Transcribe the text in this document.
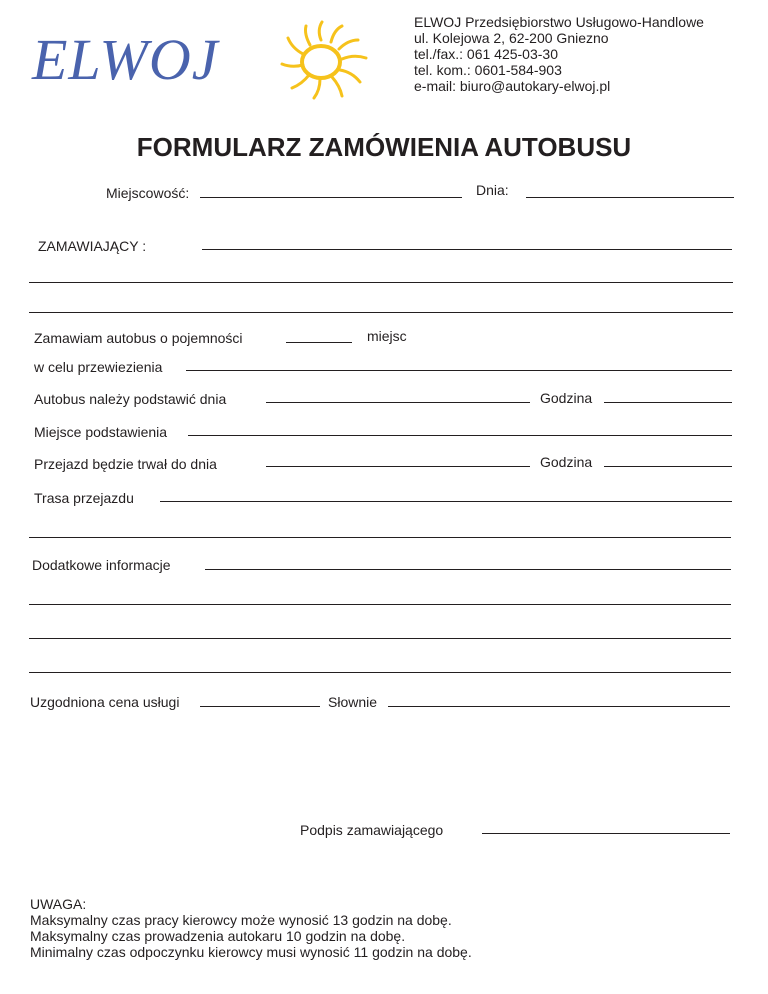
ELWOJ
ELWOJ Przedsiębiorstwo Usługowo-Handlowe
ul. Kolejowa 2, 62-200 Gniezno
tel./fax.: 061 425-03-30
tel. kom.: 0601-584-903
e-mail: biuro@autokary-elwoj.pl
FORMULARZ ZAMÓWIENIA AUTOBUSU
Miejscowość:	Dnia:
ZAMAWIAJĄCY :
Zamawiam autobus o pojemności	miejsc
w celu przewiezienia
Autobus należy podstawić dnia	Godzina
Miejsce podstawienia
Przejazd będzie trwał do dnia	Godzina
Trasa przejazdu
Dodatkowe informacje
Uzgodniona cena usługi	Słownie
Podpis zamawiającego
UWAGA:
Maksymalny czas pracy kierowcy może wynosić 13 godzin na dobę.
Maksymalny czas prowadzenia autokaru 10 godzin na dobę.
Minimalny czas odpoczynku kierowcy musi wynosić 11 godzin na dobę.
